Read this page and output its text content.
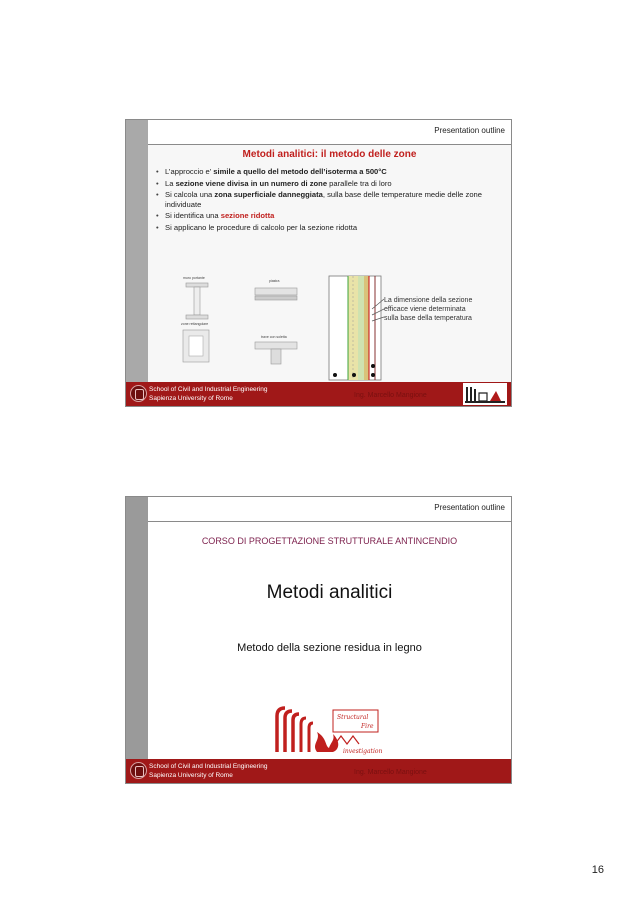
Presentation outline
Metodi analitici: il metodo delle zone
• L’approccio e’ simile a quello del metodo dell’isoterma a 500°C
• La sezione viene divisa in un numero di zone parallele tra di loro
• Si calcola una zona superficiale danneggiata, sulla base delle temperature medie delle zone individuate
• Si identifica una sezione ridotta
• Si applicano le procedure di calcolo per la sezione ridotta
muro portante
piastra
zone rettangolare
trave con soletta
La dimensione della sezione
efficace viene determinata
sulla base della temperatura
School of Civil and Industrial Engineering
Sapienza University of Rome	Ing. Marcello Mangione
Presentation outline
CORSO DI PROGETTAZIONE STRUTTURALE ANTINCENDIO
Metodi analitici
Metodo della sezione residua in legno
Structural
Fire
investigation
School of Civil and Industrial Engineering
Sapienza University of Rome	Ing. Marcello Mangione
16
